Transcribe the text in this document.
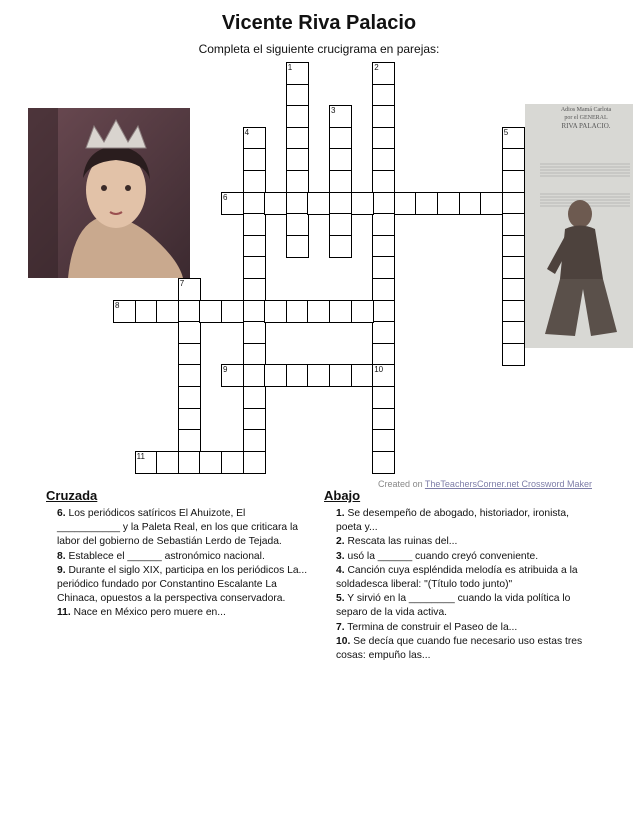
Vicente Riva Palacio
Completa el siguiente crucigrama en parejas:
Adios Mamá Carlota
por el GENERAL
RIVA PALACIO.
1	2
3
4	5
6
7
8
9	10
11
Created on TheTeachersCorner.net Crossword Maker
Cruzada

6. Los periódicos satíricos El Ahuizote, El ___________ y la Paleta Real, en los que criticara la labor del gobierno de Sebastián Lerdo de Tejada.

8. Establece el ______ astronómico nacional.

9. Durante el siglo XIX, participa en los periódicos La... periódico fundado por Constantino Escalante La Chinaca, opuestos a la perspectiva conservadora.

11. Nace en México pero muere en...

Abajo

1. Se desempeño de abogado, historiador, ironista, poeta y...

2. Rescata las ruinas del...

3. usó la ______ cuando creyó conveniente.

4. Canción cuya espléndida melodía es atribuida a la soldadesca liberal: "(Título todo junto)"

5. Y sirvió en la ________ cuando la vida política lo separo de la vida activa.

7. Termina de construir el Paseo de la...

10. Se decía que cuando fue necesario uso estas tres cosas: empuño las...
